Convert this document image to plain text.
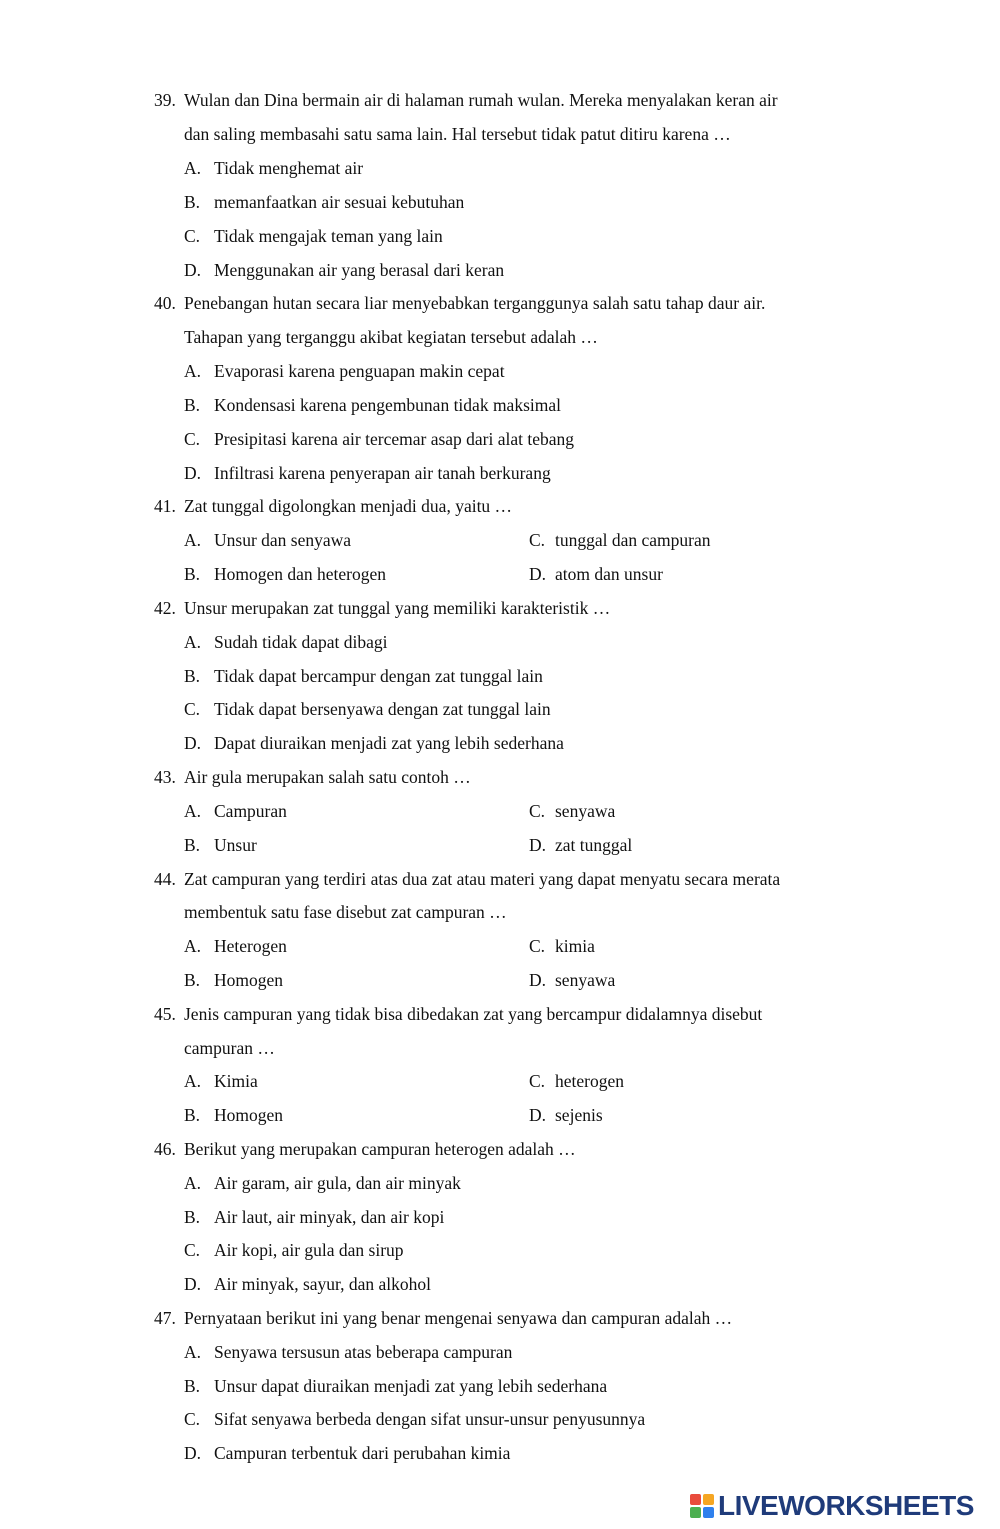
39. Wulan dan Dina bermain air di halaman rumah wulan. Mereka menyalakan keran air
dan saling membasahi satu sama lain. Hal tersebut tidak patut ditiru karena …
A. Tidak menghemat air
B. memanfaatkan air sesuai kebutuhan
C. Tidak mengajak teman yang lain
D. Menggunakan air yang berasal dari keran
40. Penebangan hutan secara liar menyebabkan terganggunya salah satu tahap daur air.
Tahapan yang terganggu akibat kegiatan tersebut adalah …
A. Evaporasi karena penguapan makin cepat
B. Kondensasi karena pengembunan tidak maksimal
C. Presipitasi karena air tercemar asap dari alat tebang
D. Infiltrasi karena penyerapan air tanah berkurang
41. Zat tunggal digolongkan menjadi dua, yaitu …
A. Unsur dan senyawa	C. tunggal dan campuran
B. Homogen dan heterogen	D. atom dan unsur
42. Unsur merupakan zat tunggal yang memiliki karakteristik …
A. Sudah tidak dapat dibagi
B. Tidak dapat bercampur dengan zat tunggal lain
C. Tidak dapat bersenyawa dengan zat tunggal lain
D. Dapat diuraikan menjadi zat yang lebih sederhana
43. Air gula merupakan salah satu contoh …
A. Campuran	C. senyawa
B. Unsur	D. zat tunggal
44. Zat campuran yang terdiri atas dua zat atau materi yang dapat menyatu secara merata
membentuk satu fase disebut zat campuran …
A. Heterogen	C. kimia
B. Homogen	D. senyawa
45. Jenis campuran yang tidak bisa dibedakan zat yang bercampur didalamnya disebut
campuran …
A. Kimia	C. heterogen
B. Homogen	D. sejenis
46. Berikut yang merupakan campuran heterogen adalah …
A. Air garam, air gula, dan air minyak
B. Air laut, air minyak, dan air kopi
C. Air kopi, air gula dan sirup
D. Air minyak, sayur, dan alkohol
47. Pernyataan berikut ini yang benar mengenai senyawa dan campuran adalah …
A. Senyawa tersusun atas beberapa campuran
B. Unsur dapat diuraikan menjadi zat yang lebih sederhana
C. Sifat senyawa berbeda dengan sifat unsur-unsur penyusunnya
D. Campuran terbentuk dari perubahan kimia
LIVEWORKSHEETS
